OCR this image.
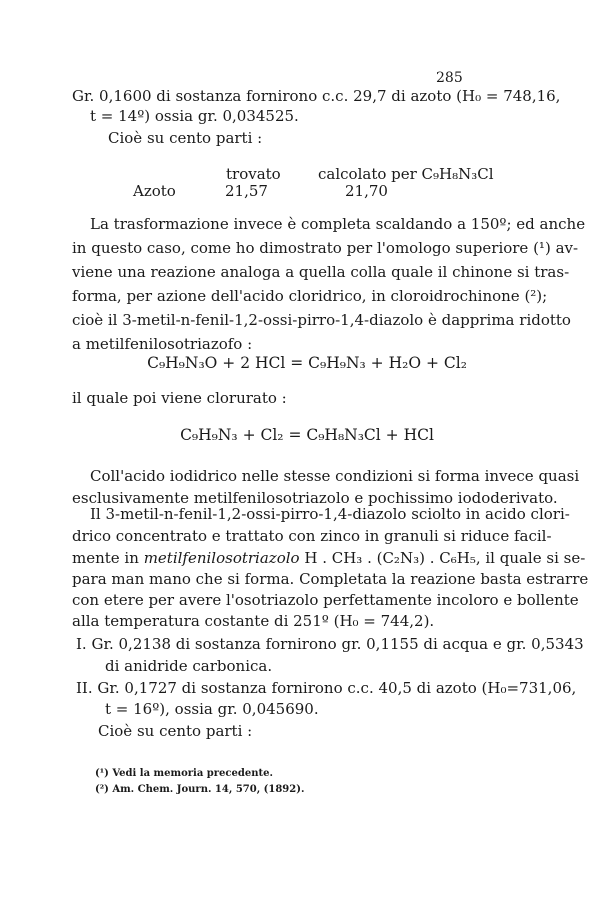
285
Gr. 0,1600 di sostanza fornirono c.c. 29,7 di azoto (H₀ = 748,16,
t = 14º) ossia gr. 0,034525.
Cioè su cento parti :
trovato calcolato per C₉H₈N₃Cl
Azoto	21,57	21,70
La trasformazione invece è completa scaldando a 150º; ed anche
in questo caso, come ho dimostrato per l'omologo superiore (¹) av-
viene una reazione analoga a quella colla quale il chinone si tras-
forma, per azione dell'acido cloridrico, in cloroidrochinone (²);
cioè il 3-metil-n-fenil-1,2-ossi-pirro-1,4-diazolo è dapprima ridotto
a metilfenilosotriazofo :
C₉H₉N₃O + 2 HCl = C₉H₉N₃ + H₂O + Cl₂
il quale poi viene clorurato :
C₉H₉N₃ + Cl₂ = C₉H₈N₃Cl + HCl
Coll'acido iodidrico nelle stesse condizioni si forma invece quasi
esclusivamente metilfenilosotriazolo e pochissimo iododerivato.
Il 3-metil-n-fenil-1,2-ossi-pirro-1,4-diazolo sciolto in acido clori-
drico concentrato e trattato con zinco in granuli si riduce facil-
mente in metilfenilosotriazolo H . CH₃ . (C₂N₃) . C₆H₅, il quale si se-
para man mano che si forma. Completata la reazione basta estrarre
con etere per avere l'osotriazolo perfettamente incoloro e bollente
alla temperatura costante di 251º (H₀ = 744,2).
I. Gr. 0,2138 di sostanza fornirono gr. 0,1155 di acqua e gr. 0,5343
di anidride carbonica.
II. Gr. 0,1727 di sostanza fornirono c.c. 40,5 di azoto (H₀=731,06,
t = 16º), ossia gr. 0,045690.
Cioè su cento parti :
(¹) Vedi la memoria precedente.
(²) Am. Chem. Journ. 14, 570, (1892).
